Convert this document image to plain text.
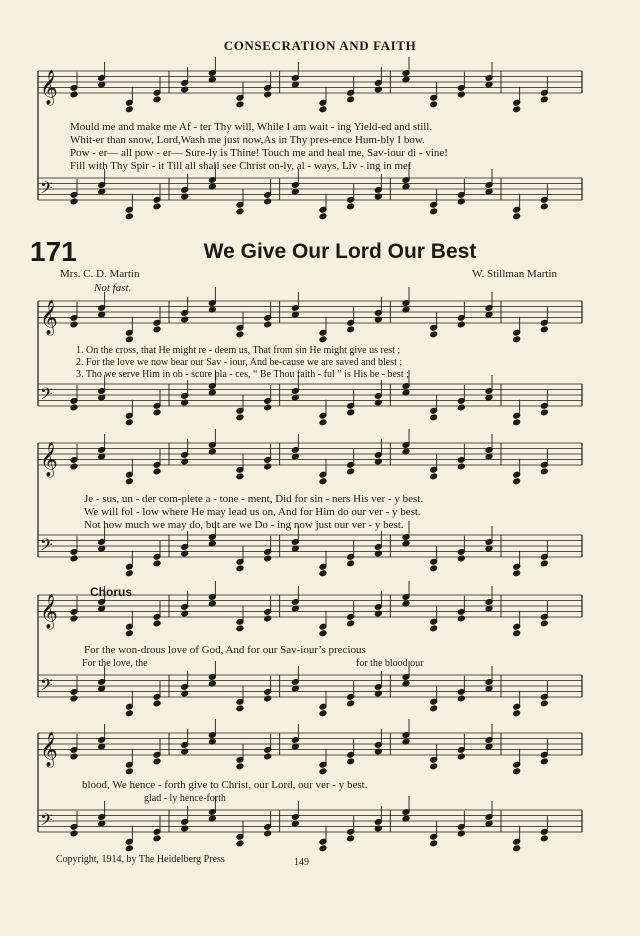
CONSECRATION AND FAITH
𝄞
𝄢
𝄞
𝄢
𝄞
𝄢
𝄞
𝄢
𝄞
𝄢
171	We Give Our Lord Our Best
Mrs. C. D. Martin	W. Stillman Martin
Not fast.
Mould me and make me Af - ter Thy will, While I am wait - ing Yield-ed and still.
Whit-er than snow, Lord,Wash me just now,As in Thy pres-ence Hum-bly I bow.
Pow - er— all pow - er— Sure-ly is Thine! Touch me and heal me, Sav-iour di - vine!
Fill with Thy Spir - it Till all shall see Christ on-ly, al - ways, Liv - ing in me!
1. On the cross, that He might re - deem us, That from sin He might give us rest ;
2. For the love we now bear our Sav - iour, And be-cause we are saved and blest ;
3. Tho we serve Him in ob - scure pla - ces, “ Be Thou faith - ful ” is His be - best ;
Je - sus, un - der com-plete a - tone - ment, Did for sin - ners His ver - y best.
We will fol - low where He may lead us on, And for Him do our ver - y best.
Not how much we may do, but are we Do - ing now just our ver - y best.
Chorus
For the won-drous love of God, And for our Sav-iour’s precious
For the love, the	for the blood our
blood, We hence - forth give to Christ, our Lord, our ver - y best.
glad - ly hence-forth
Copyright, 1914, by The Heidelberg Press	149
